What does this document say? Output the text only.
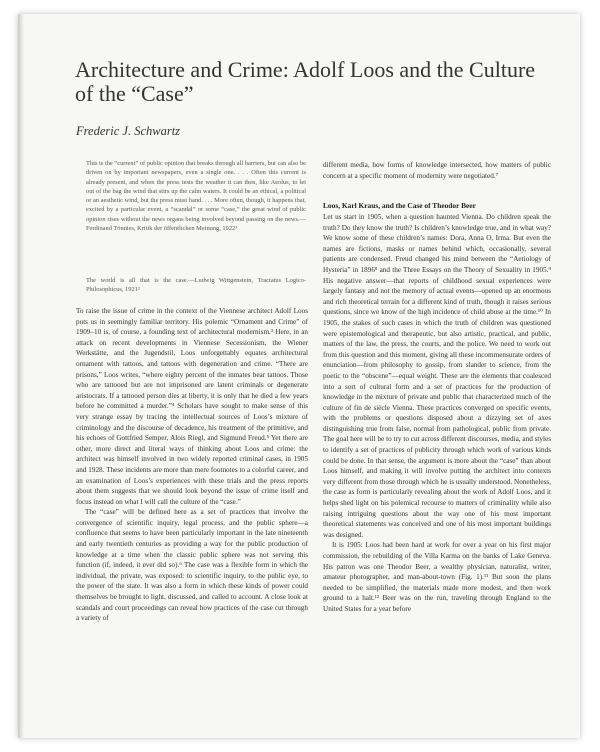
Architecture and Crime: Adolf Loos and the Culture of the “Case”

Frederic J. Schwartz

This is the “current” of public opinion that breaks through all barriers, but can also be driven on by important newspapers, even a single one. . . . Often this current is already present, and when the press tests the weather it can then, like Aeolus, to let out of the bag the wind that stirs up the calm waters. It could be an ethical, a political or an aesthetic wind, but the press must hand. . . . More often, though, it happens that, excited by a particular event, a “scandal” or some “case,” the great wind of public opinion rises without the news organs being involved beyond passing on the news.—Ferdinand Tönnies, Kritik der öffentlichen Meinung, 1922¹

The world is all that is the case.—Ludwig Wittgenstein, Tractatus Logico-Philosophicus, 1921²

To raise the issue of crime in the context of the Viennese architect Adolf Loos puts us in seemingly familiar territory. His polemic “Ornament and Crime” of 1909–10 is, of course, a founding text of architectural modernism.³ Here, in an attack on recent developments in Viennese Secessionism, the Wiener Werkstätte, and the Jugendstil, Loos unforgettably equates architectural ornament with tattoos, and tattoos with degeneration and crime. “There are prisons,” Loos writes, “where eighty percent of the inmates bear tattoos. Those who are tattooed but are not imprisoned are latent criminals or degenerate aristocrats. If a tattooed person dies at liberty, it is only that he died a few years before he committed a murder.”⁴ Scholars have sought to make sense of this very strange essay by tracing the intellectual sources of Loos’s mixture of criminology and the discourse of decadence, his treatment of the primitive, and his echoes of Gottfried Semper, Alois Riegl, and Sigmund Freud.⁵ Yet there are other, more direct and literal ways of thinking about Loos and crime: the architect was himself involved in two widely reported criminal cases, in 1905 and 1928. These incidents are more than mere footnotes to a colorful career, and an examination of Loos’s experiences with these trials and the press reports about them suggests that we should look beyond the issue of crime itself and focus instead on what I will call the culture of the “case.”

The “case” will be defined here as a set of practices that involve the convergence of scientific inquiry, legal process, and the public sphere—a confluence that seems to have been particularly important in the late nineteenth and early twentieth centuries as providing a way for the public production of knowledge at a time when the classic public sphere was not serving this function (if, indeed, it ever did so).⁶ The case was a flexible form in which the individual, the private, was exposed: to scientific inquiry, to the public eye, to the power of the state. It was also a form in which these kinds of power could themselves be brought to light, discussed, and called to account. A close look at scandals and court proceedings can reveal how practices of the case cut through a variety of

different media, how forms of knowledge intersected, how matters of public concern at a specific moment of modernity were negotiated.⁷

Loos, Karl Kraus, and the Case of Theodor Beer

Let us start in 1905, when a question haunted Vienna. Do children speak the truth? Do they know the truth? Is children’s knowledge true, and in what way? We know some of these children’s names: Dora, Anna O, Irma. But even the names are fictions, masks or names behind which, occasionally, several patients are condensed. Freud changed his mind between the “Aetiology of Hysteria” in 1896⁸ and the Three Essays on the Theory of Sexuality in 1905.⁹ His negative answer—that reports of childhood sexual experiences were largely fantasy and not the memory of actual events—opened up an enormous and rich theoretical terrain for a different kind of truth, though it raises serious questions, since we know of the high incidence of child abuse at the time.¹⁰ In 1905, the stakes of such cases in which the truth of children was questioned were epistemological and therapeutic, but also artistic, practical, and public, matters of the law, the press, the courts, and the police. We need to work out from this question and this moment, giving all these incommensurate orders of enunciation—from philosophy to gossip, from slander to science, from the poetic to the “obscene”—equal weight. These are the elements that coalesced into a sort of cultural form and a set of practices for the production of knowledge in the mixture of private and public that characterized much of the culture of fin de siècle Vienna. These practices converged on specific events, with the problems or questions disposed about a dizzying set of axes distinguishing true from false, normal from pathological, public from private. The goal here will be to try to cut across different discourses, media, and styles to identify a set of practices of publicity through which work of various kinds could be done. In that sense, the argument is more about the “case” than about Loos himself, and making it will involve putting the architect into contexts very different from those through which he is usually understood. Nonetheless, the case as form is particularly revealing about the work of Adolf Loos, and it helps shed light on his polemical recourse to matters of criminality while also raising intriguing questions about the way one of his most important theoretical statements was conceived and one of his most important buildings was designed.

It is 1905: Loos had been hard at work for over a year on his first major commission, the rebuilding of the Villa Karma on the banks of Lake Geneva. His patron was one Theodor Beer, a wealthy physician, naturalist, writer, amateur photographer, and man-about-town (Fig. 1).¹¹ But soon the plans needed to be simplified, the materials made more modest, and then work ground to a halt.¹² Beer was on the run, traveling through England to the United States for a year before
